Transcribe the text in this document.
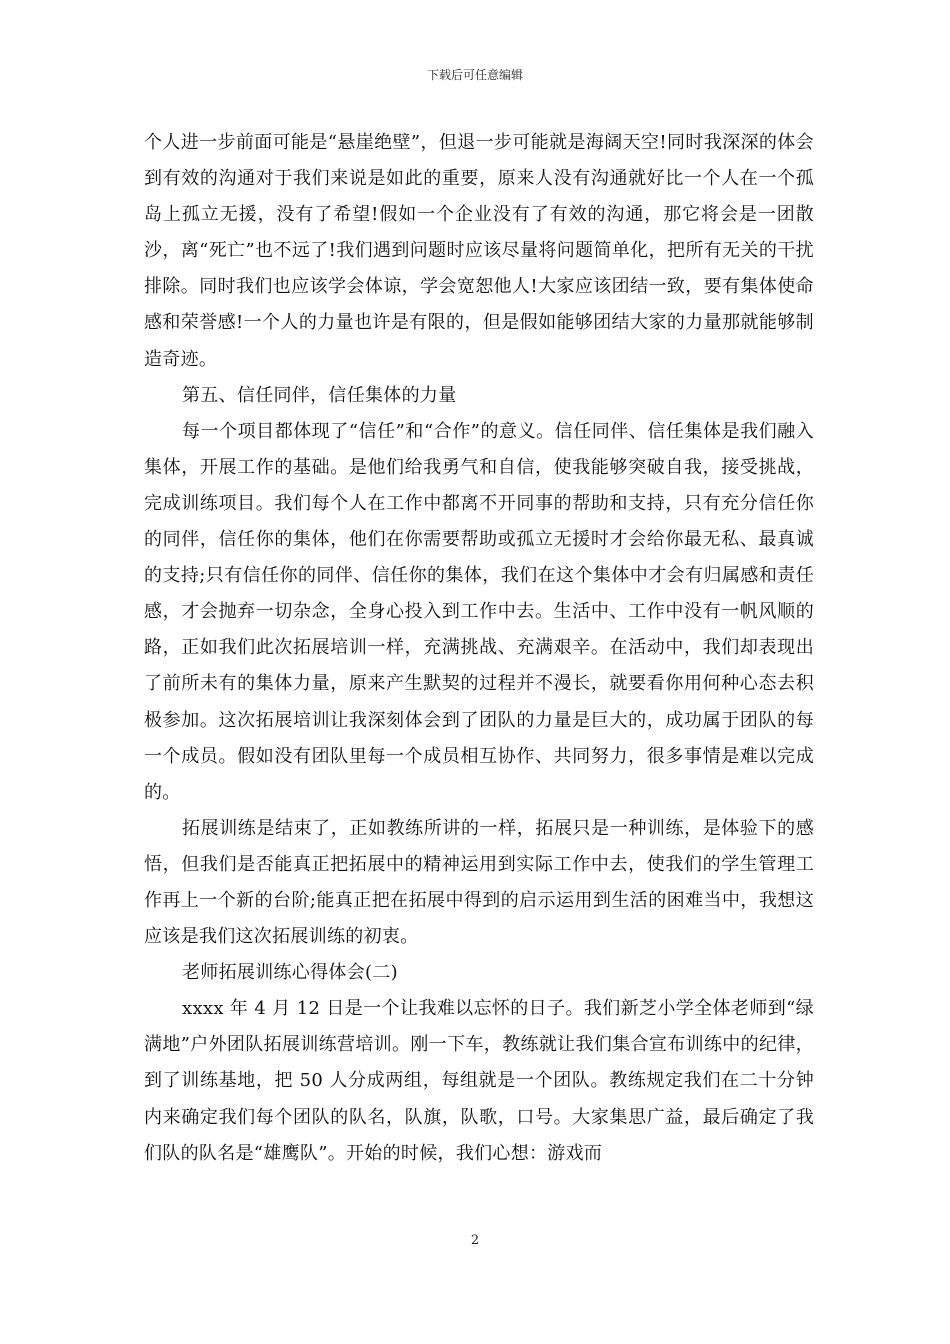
下载后可任意编辑

个人进一步前面可能是“悬崖绝壁”，但退一步可能就是海阔天空!同时我深深的体会到有效的沟通对于我们来说是如此的重要，原来人没有沟通就好比一个人在一个孤岛上孤立无援，没有了希望!假如一个企业没有了有效的沟通，那它将会是一团散沙，离“死亡”也不远了!我们遇到问题时应该尽量将问题简单化，把所有无关的干扰排除。同时我们也应该学会体谅，学会宽恕他人!大家应该团结一致，要有集体使命感和荣誉感!一个人的力量也许是有限的，但是假如能够团结大家的力量那就能够制造奇迹。

第五、信任同伴，信任集体的力量

每一个项目都体现了“信任”和“合作”的意义。信任同伴、信任集体是我们融入集体，开展工作的基础。是他们给我勇气和自信，使我能够突破自我，接受挑战，完成训练项目。我们每个人在工作中都离不开同事的帮助和支持，只有充分信任你的同伴，信任你的集体，他们在你需要帮助或孤立无援时才会给你最无私、最真诚的支持;只有信任你的同伴、信任你的集体，我们在这个集体中才会有归属感和责任感，才会抛弃一切杂念，全身心投入到工作中去。生活中、工作中没有一帆风顺的路，正如我们此次拓展培训一样，充满挑战、充满艰辛。在活动中，我们却表现出了前所未有的集体力量，原来产生默契的过程并不漫长，就要看你用何种心态去积极参加。这次拓展培训让我深刻体会到了团队的力量是巨大的，成功属于团队的每一个成员。假如没有团队里每一个成员相互协作、共同努力，很多事情是难以完成的。

拓展训练是结束了，正如教练所讲的一样，拓展只是一种训练，是体验下的感悟，但我们是否能真正把拓展中的精神运用到实际工作中去，使我们的学生管理工作再上一个新的台阶;能真正把在拓展中得到的启示运用到生活的困难当中，我想这应该是我们这次拓展训练的初衷。

老师拓展训练心得体会(二)

xxxx 年 4 月 12 日是一个让我难以忘怀的日子。我们新芝小学全体老师到“绿满地”户外团队拓展训练营培训。刚一下车，教练就让我们集合宣布训练中的纪律，到了训练基地，把 50 人分成两组，每组就是一个团队。教练规定我们在二十分钟内来确定我们每个团队的队名，队旗，队歌，口号。大家集思广益，最后确定了我们队的队名是“雄鹰队”。开始的时候，我们心想：游戏而

2
